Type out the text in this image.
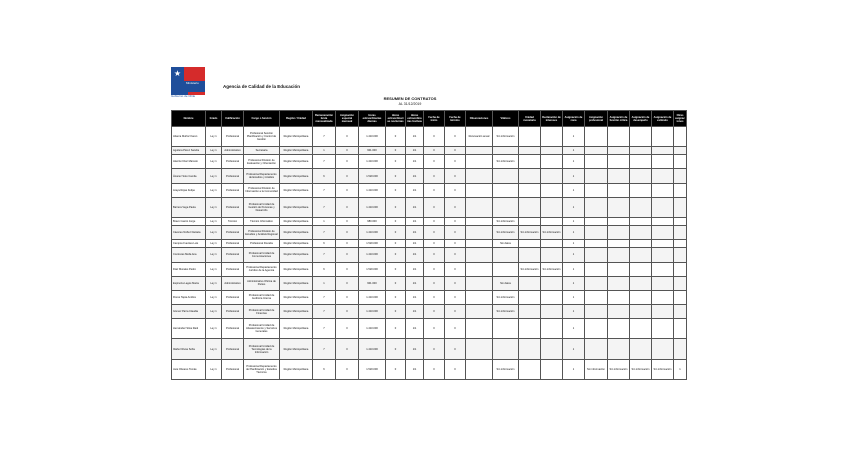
★
Ministerio
Gobierno de Chile
Agencia de Calidad de la Educación
RESUMEN DE CONTRATOS
AL 31/12/2019
Nombre	Grado	Calificación	Cargo o función	Región / Unidad	Remuneración bruta mensualizada	Asignación especial mensual	Horas extraordinarias diurnas	Horas extraordinarias nocturnas	Horas extraordinarias festivas	Fecha de inicio	Fecha de término	Observaciones	Viáticos	Unidad monetaria	Declaración de intereses	Asignación de zona	Asignación profesional	Asignación de función crítica	Asignación de desempeño	Asignación de estímulo	Otras asignaciones
Abarca Muñoz Karen	Ley 1	Profesional	Profesional Sección Planificación y Control de Gestión	Región Metropolitana	7	0	1.410.000	0	1/1	0	0	Renovación anual	Sin información			1					
Aguilera Pérez Sandra	Ley 1	Administrativo	Secretaria	Región Metropolitana	1	0	901.000	0	1/1	0	0					1					
Alarcón Díaz Marcelo	Ley 1	Profesional	Profesional División de Evaluación y Orientación	Región Metropolitana	7	0	1.410.000	0	1/1	0	0		Sin información			1					
Álvarez Soto Camila	Ley 1	Profesional	Profesional Departamento de Estudios y Análisis	Región Metropolitana	6	0	1.520.000	0	1/1	0	0					1					
Araya Rojas Felipe	Ley 1	Profesional	Profesional División de Información a la Comunidad	Región Metropolitana	7	0	1.410.000	0	1/1	0	0					1					
Barrera Vega Paula	Ley 1	Profesional	Profesional Unidad de Gestión de Personas y Desarrollo	Región Metropolitana	7	0	1.410.000	0	1/1	0	0					1					
Bravo Castro Jorge	Ley 1	Técnico	Técnico Informático	Región Metropolitana	1	0	980.000	0	1/1	0	0		Sin información			1					
Cáceres Núñez Daniela	Ley 1	Profesional	Profesional División de Estudios y Análisis Regional	Región Metropolitana	7	0	1.410.000	0	1/1	0	0		Sin información	Sin información	Sin información	1					
Campos Fuentes Luis	Ley 1	Profesional	Profesional Fiscalía	Región Metropolitana	6	0	1.520.000	0	1/1	0	0		Sin datos			1					
Contreras Mella Ana	Ley 1	Profesional	Profesional Unidad de Comunicaciones	Región Metropolitana	7	0	1.410.000	0	1/1	0	0					1					
Díaz Morales Pedro	Ley 1	Profesional	Profesional Departamento Jurídico de la Agencia	Región Metropolitana	6	0	1.520.000	0	1/1	0	0			Sin información	Sin información	1					
Espinoza Lagos María	Ley 1	Administrativo	Administrativo Oficina de Partes	Región Metropolitana	1	0	901.000	0	1/1	0	0		Sin datos			1					
Flores Tapia Andrés	Ley 1	Profesional	Profesional Unidad de Auditoría Interna	Región Metropolitana	7	0	1.410.000	0	1/1	0	0		Sin información			1					
Gómez Parra Claudia	Ley 1	Profesional	Profesional Unidad de Finanzas	Región Metropolitana	7	0	1.410.000	0	1/1	0	0		Sin información			1					
Hernández Silva Raúl	Ley 1	Profesional	Profesional Unidad de Abastecimiento y Servicios Generales	Región Metropolitana	7	0	1.410.000	0	1/1	0	0					1					
Ibáñez Rivas Sofía	Ley 1	Profesional	Profesional Unidad de Tecnologías de la Información	Región Metropolitana	7	0	1.410.000	0	1/1	0	0					1					
Jara Olivares Tomás	Ley 1	Profesional	Profesional Departamento de Planificación y Estudios Técnicos	Región Metropolitana	6	0	1.520.000	0	1/1	0	0		Sin información			1	Sin información	Sin información	Sin información	Sin información	1
